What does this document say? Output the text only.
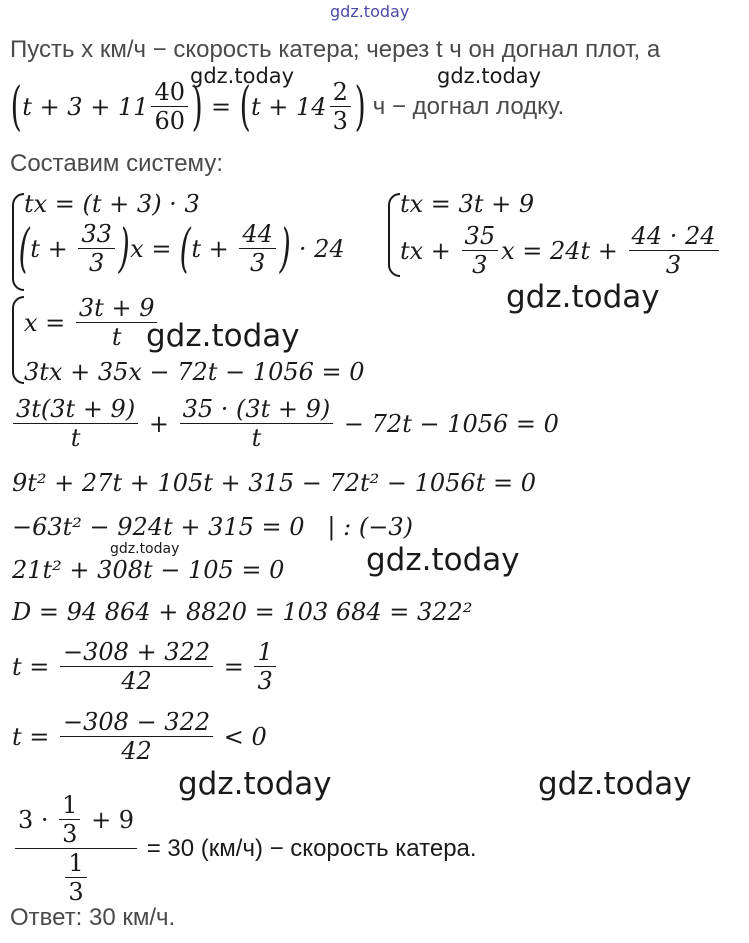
gdz.today
gdz.today	gdz.today
gdz.today
gdz.today
gdz.today	gdz.today
gdz.today	gdz.today
Пусть x км/ч − скорость катера; через t ч он догнал плот, а
( $t + 3 + 11 \frac{40}{60}$ ) = ( $t + 14 \frac{2}{3}$ ) ч − догнал лодку.
Составим систему:
tx = (t + 3) · 3
( $t + \frac{33}{3}$ ) x = ( $t + \frac{44}{3}$ ) · 24
tx = 3t + 9
tx + $\frac{35}{3}$ $x = 24t + \frac{44 \cdot 24}{3}$
$x = \frac{3t + 9}{t}$
3tx + 35x − 72t − 1056 = 0
$\frac{3t(3t + 9)}{t} + \frac{35 \cdot (3t + 9)}{t} - 72t - 1056 = 0$
9t² + 27t + 105t + 315 − 72t² − 1056t = 0
−63t² − 924t + 315 = 0   | : (−3)
21t² + 308t − 105 = 0
D = 94 864 + 8820 = 103 684 = 322²
$t = \frac{-308 + 322}{42} = \frac{1}{3}$
$t = \frac{-308 - 322}{42} < 0$
$\frac{3 \cdot \frac{1}{3} + 9}{\frac{1}{3}} = 30$ (км/ч) − скорость катера.
Ответ: 30 км/ч.
